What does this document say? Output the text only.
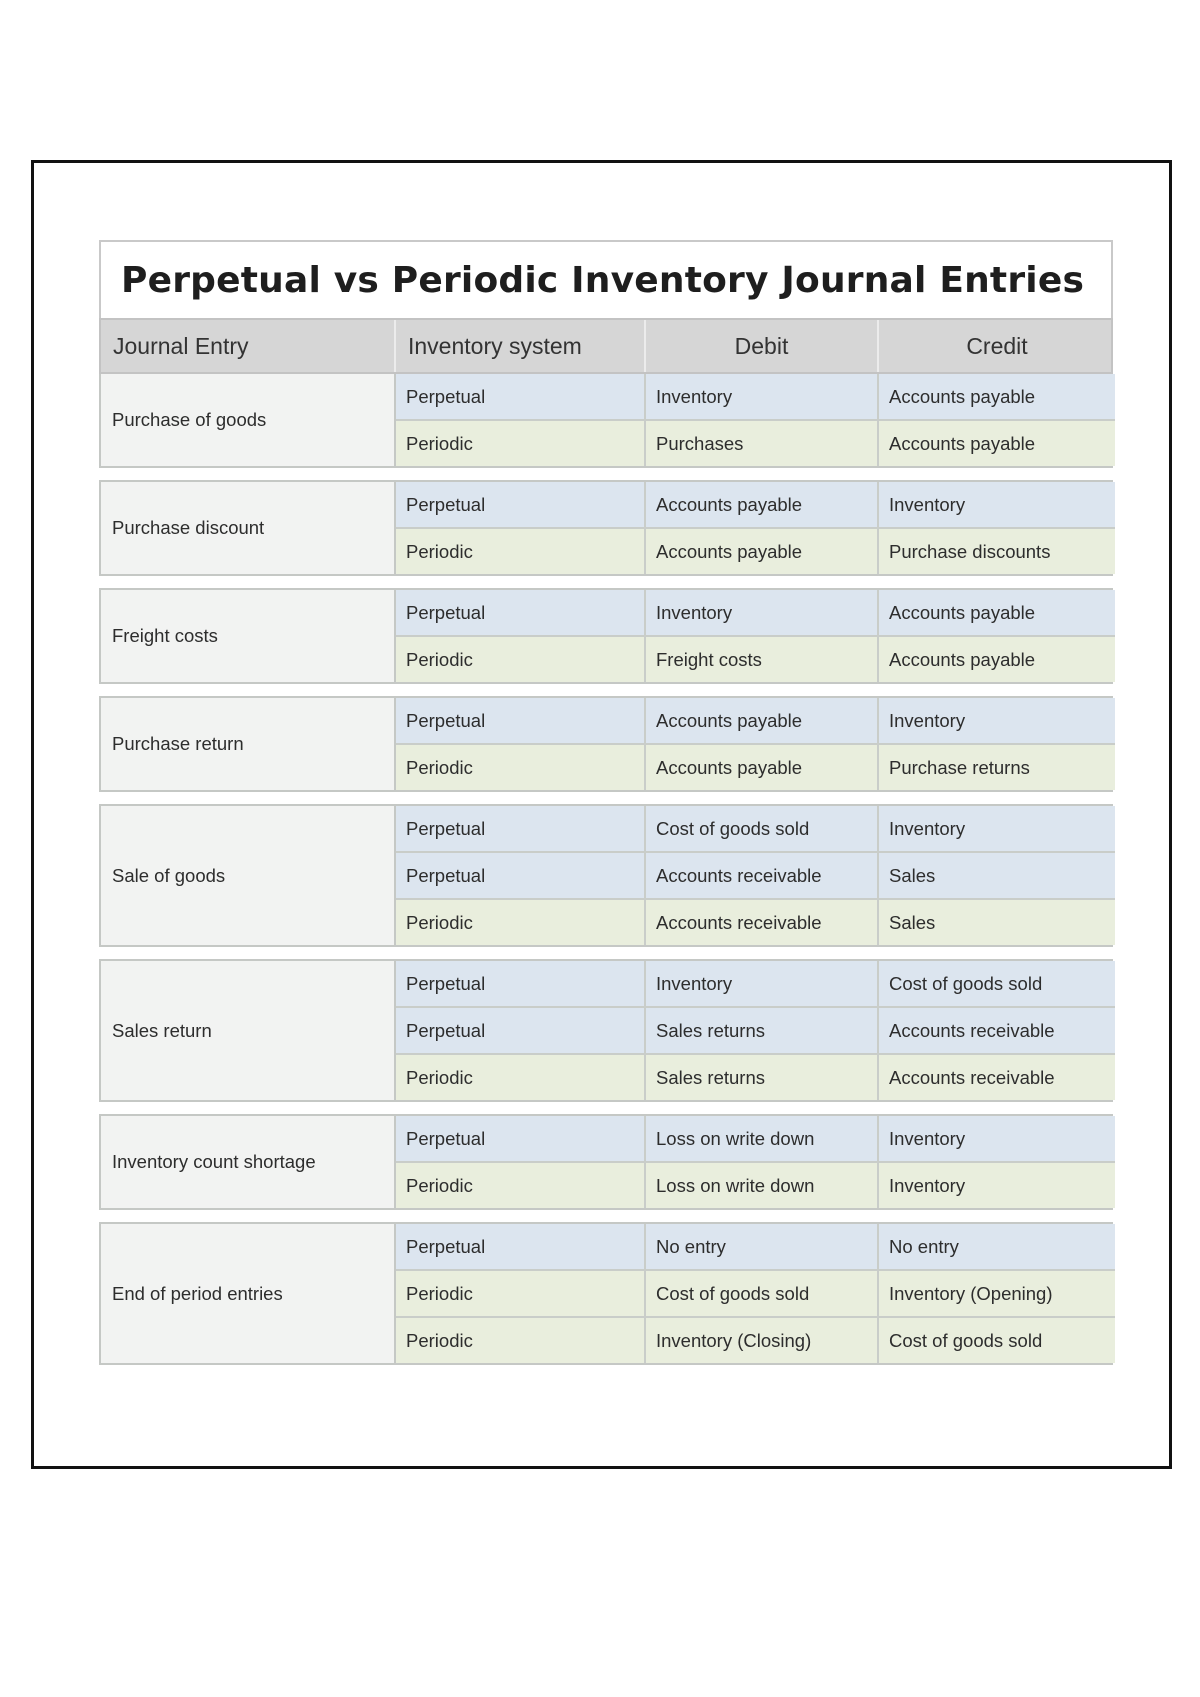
Perpetual vs Periodic Inventory Journal Entries
Journal Entry	Inventory system	Debit	Credit
Purchase of goods
Perpetual	Inventory	Accounts payable
Periodic	Purchases	Accounts payable
Purchase discount
Perpetual	Accounts payable	Inventory
Periodic	Accounts payable	Purchase discounts
Freight costs
Perpetual	Inventory	Accounts payable
Periodic	Freight costs	Accounts payable
Purchase return
Perpetual	Accounts payable	Inventory
Periodic	Accounts payable	Purchase returns
Sale of goods
Perpetual	Cost of goods sold	Inventory
Perpetual	Accounts receivable	Sales
Periodic	Accounts receivable	Sales
Sales return
Perpetual	Inventory	Cost of goods sold
Perpetual	Sales returns	Accounts receivable
Periodic	Sales returns	Accounts receivable
Inventory count shortage
Perpetual	Loss on write down	Inventory
Periodic	Loss on write down	Inventory
End of period entries
Perpetual	No entry	No entry
Periodic	Cost of goods sold	Inventory (Opening)
Periodic	Inventory (Closing)	Cost of goods sold
